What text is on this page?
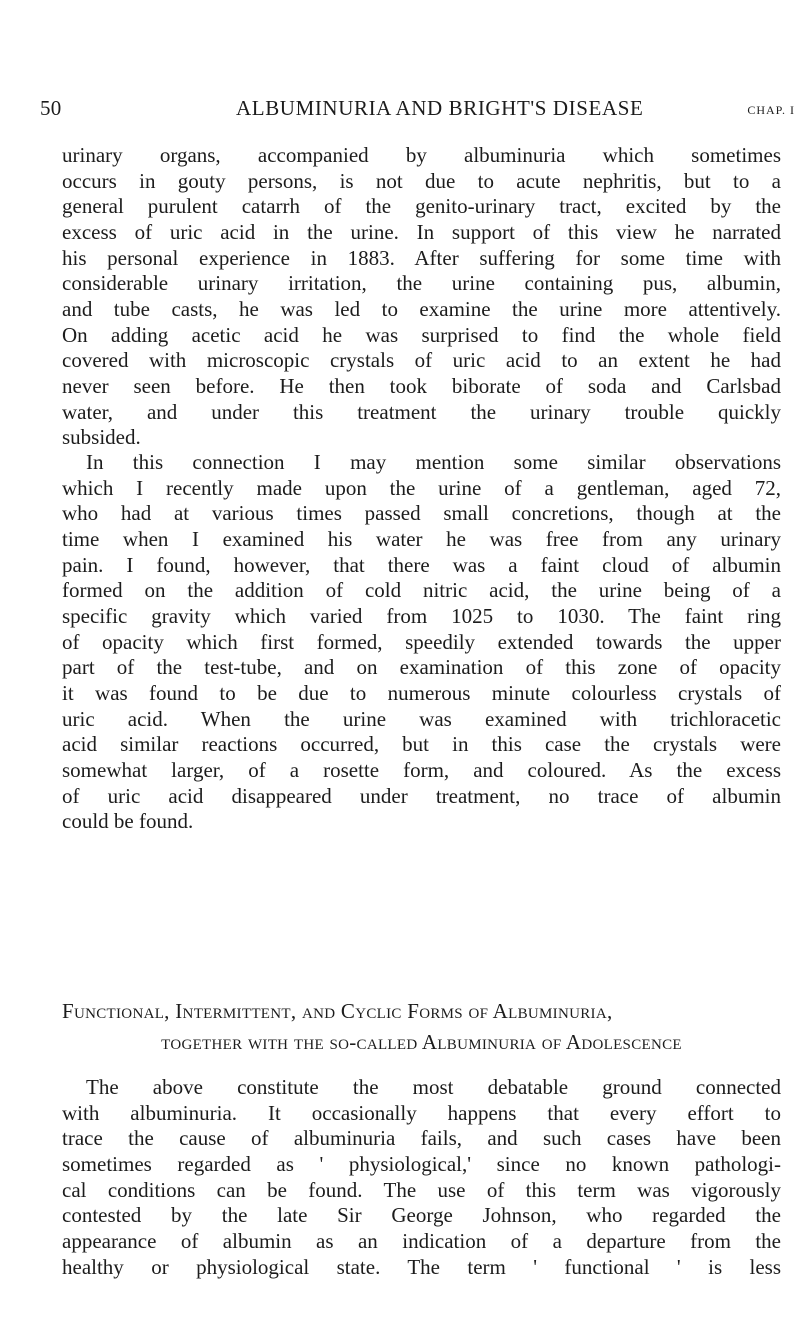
50	ALBUMINURIA AND BRIGHT'S DISEASE	CHAP. I

urinary organs, accompanied by albuminuria which sometimes
occurs in gouty persons, is not due to acute nephritis, but to a
general purulent catarrh of the genito-urinary tract, excited by the
excess of uric acid in the urine. In support of this view he narrated
his personal experience in 1883. After suffering for some time with
considerable urinary irritation, the urine containing pus, albumin,
and tube casts, he was led to examine the urine more attentively.
On adding acetic acid he was surprised to find the whole field
covered with microscopic crystals of uric acid to an extent he had
never seen before. He then took biborate of soda and Carlsbad
water, and under this treatment the urinary trouble quickly
subsided.

In this connection I may mention some similar observations
which I recently made upon the urine of a gentleman, aged 72,
who had at various times passed small concretions, though at the
time when I examined his water he was free from any urinary
pain. I found, however, that there was a faint cloud of albumin
formed on the addition of cold nitric acid, the urine being of a
specific gravity which varied from 1025 to 1030. The faint ring
of opacity which first formed, speedily extended towards the upper
part of the test-tube, and on examination of this zone of opacity
it was found to be due to numerous minute colourless crystals of
uric acid. When the urine was examined with trichloracetic
acid similar reactions occurred, but in this case the crystals were
somewhat larger, of a rosette form, and coloured. As the excess
of uric acid disappeared under treatment, no trace of albumin
could be found.

Functional, Intermittent, and Cyclic Forms of Albuminuria,
together with the so-called Albuminuria of Adolescence

The above constitute the most debatable ground connected
with albuminuria. It occasionally happens that every effort to
trace the cause of albuminuria fails, and such cases have been
sometimes regarded as ' physiological,' since no known pathologi-
cal conditions can be found. The use of this term was vigorously
contested by the late Sir George Johnson, who regarded the
appearance of albumin as an indication of a departure from the
healthy or physiological state. The term ' functional ' is less
